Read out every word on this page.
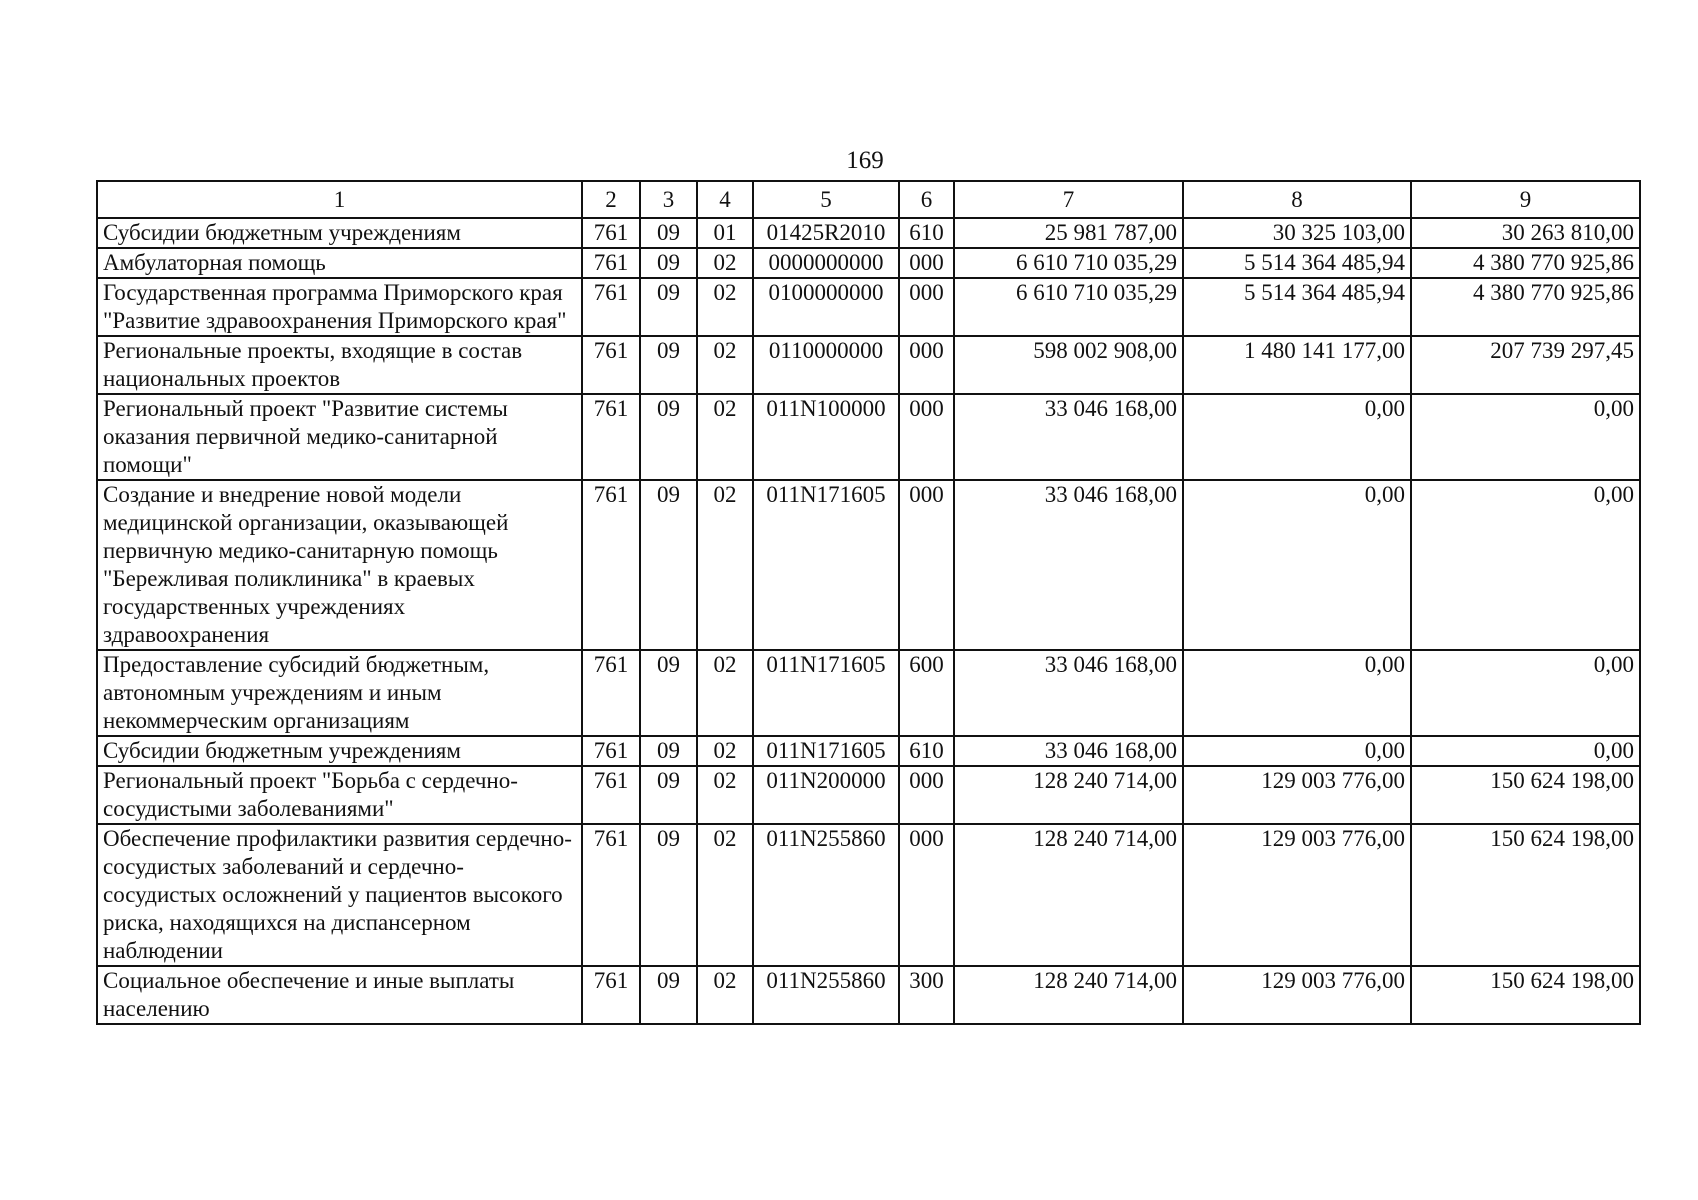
169
1	2	3	4	5	6	7	8	9
Субсидии бюджетным учреждениям	761	09	01	01425R2010	610	25 981 787,00	30 325 103,00	30 263 810,00
Амбулаторная помощь	761	09	02	0000000000	000	6 610 710 035,29	5 514 364 485,94	4 380 770 925,86
Государственная программа Приморского края "Развитие здравоохранения Приморского края"	761	09	02	0100000000	000	6 610 710 035,29	5 514 364 485,94	4 380 770 925,86
Региональные проекты, входящие в состав национальных проектов	761	09	02	0110000000	000	598 002 908,00	1 480 141 177,00	207 739 297,45
Региональный проект "Развитие системы оказания первичной медико-санитарной помощи"	761	09	02	011N100000	000	33 046 168,00	0,00	0,00
Создание и внедрение новой модели медицинской организации, оказывающей первичную медико-санитарную помощь "Бережливая поликлиника" в краевых государственных учреждениях здравоохранения	761	09	02	011N171605	000	33 046 168,00	0,00	0,00
Предоставление субсидий бюджетным, автономным учреждениям и иным некоммерческим организациям	761	09	02	011N171605	600	33 046 168,00	0,00	0,00
Субсидии бюджетным учреждениям	761	09	02	011N171605	610	33 046 168,00	0,00	0,00
Региональный проект "Борьба с сердечно-сосудистыми заболеваниями"	761	09	02	011N200000	000	128 240 714,00	129 003 776,00	150 624 198,00
Обеспечение профилактики развития сердечно-сосудистых заболеваний и сердечно-сосудистых осложнений у пациентов высокого риска, находящихся на диспансерном наблюдении	761	09	02	011N255860	000	128 240 714,00	129 003 776,00	150 624 198,00
Социальное обеспечение и иные выплаты населению	761	09	02	011N255860	300	128 240 714,00	129 003 776,00	150 624 198,00
